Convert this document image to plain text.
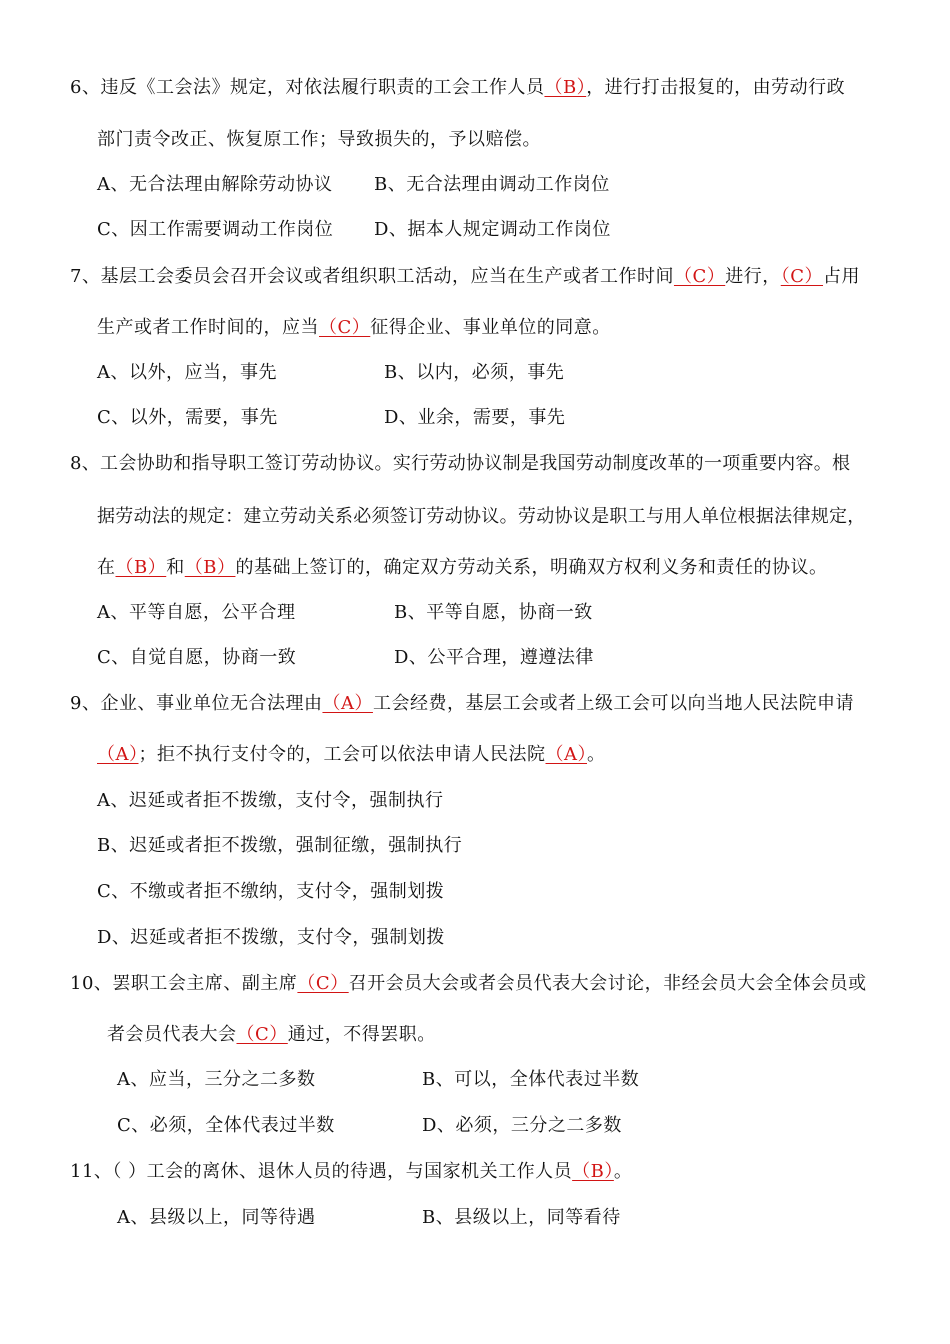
6、违反《工会法》规定，对依法履行职责的工会工作人员（B），进行打击报复的，由劳动行政
部门责令改正、恢复原工作；导致损失的，予以赔偿。
A、无合法理由解除劳动协议 B、无合法理由调动工作岗位
C、因工作需要调动工作岗位 D、据本人规定调动工作岗位
7、基层工会委员会召开会议或者组织职工活动，应当在生产或者工作时间（C）进行，（C）占用
生产或者工作时间的，应当（C）征得企业、事业单位的同意。
A、以外，应当，事先	B、以内，必须，事先
C、以外，需要，事先	D、业余，需要，事先
8、工会协助和指导职工签订劳动协议。实行劳动协议制是我国劳动制度改革的一项重要内容。根
据劳动法的规定：建立劳动关系必须签订劳动协议。劳动协议是职工与用人单位根据法律规定，
在（B）和（B）的基础上签订的，确定双方劳动关系，明确双方权利义务和责任的协议。
A、平等自愿，公平合理	B、平等自愿，协商一致
C、自觉自愿，协商一致	D、公平合理，遵遵法律
9、企业、事业单位无合法理由（A）工会经费，基层工会或者上级工会可以向当地人民法院申请
（A）；拒不执行支付令的，工会可以依法申请人民法院（A）。
A、迟延或者拒不拨缴，支付令，强制执行
B、迟延或者拒不拨缴，强制征缴，强制执行
C、不缴或者拒不缴纳，支付令，强制划拨
D、迟延或者拒不拨缴，支付令，强制划拨
10、罢职工会主席、副主席（C）召开会员大会或者会员代表大会讨论，非经会员大会全体会员或
者会员代表大会（C）通过，不得罢职。
A、应当，三分之二多数	B、可以，全体代表过半数
C、必须，全体代表过半数	D、必须，三分之二多数
11、（ ）工会的离休、退休人员的待遇，与国家机关工作人员（B）。
A、县级以上，同等待遇	B、县级以上，同等看待
